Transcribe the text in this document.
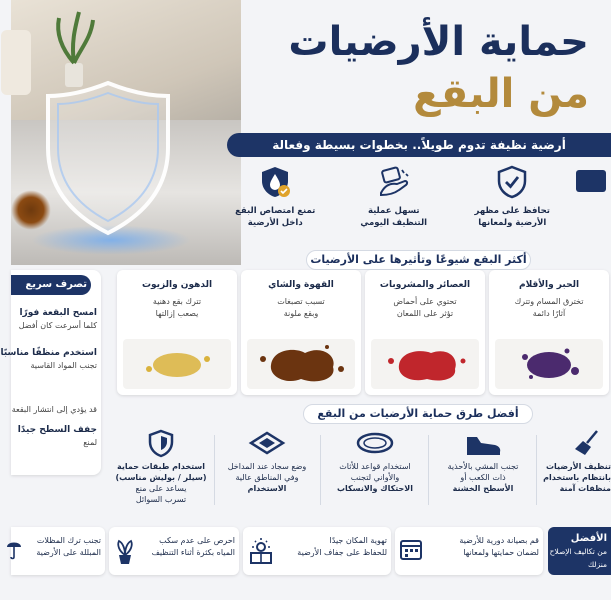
حماية الأرضيات
من البقع
أرضية نظيفة تدوم طويلاً.. بخطوات بسيطة وفعالة
تحافظ على مظهر
الأرضية ولمعانها
تسهل عملية
التنظيف اليومي
تمنع امتصاص البقع
داخل الأرضية
أكثر البقع شيوعًا وتأثيرها على الأرضيات
الحبر والأقلام

تخترق المسام وتترك

آثارًا دائمة

العصائر والمشروبات

تحتوي على أحماض

تؤثر على اللمعان

القهوة والشاي

تسبب تصبغات

وبقع ملونة

الدهون والزيوت

تترك بقع دهنية

يصعب إزالتها

تصرف سريع
امسح البقعة فورًا
كلما أسرعت كان أفضل
استخدم منظفًا مناسبًا
تجنب المواد القاسية
قد يؤدي إلى انتشار البقعة
جفف السطح جيدًا
لمنع
أفضل طرق حماية الأرضيات من البقع
تنظيف الأرضيات
بانتظام باستخدام
منظفات آمنة
تجنب المشي بالأحذية
ذات الكعب أو
الأسطح الخشنة
استخدام قواعد للأثاث
والأواني لتجنب
الاحتكاك والانسكاب
وضع سجاد عند المداخل
وفي المناطق عالية
الاستخدام
استخدام طبقات حماية
(سيلر / بوليش مناسب)
يساعد على منع
تسرب السوائل
قم بصيانة دورية للأرضية
لضمان حمايتها ولمعانها
تهوية المكان جيدًا
للحفاظ على جفاف الأرضية
احرص على عدم سكب
المياه بكثرة أثناء التنظيف
تجنب ترك المظلات
المبللة على الأرضية
الأفضل
من تكاليف الإصلاح
منزلك
